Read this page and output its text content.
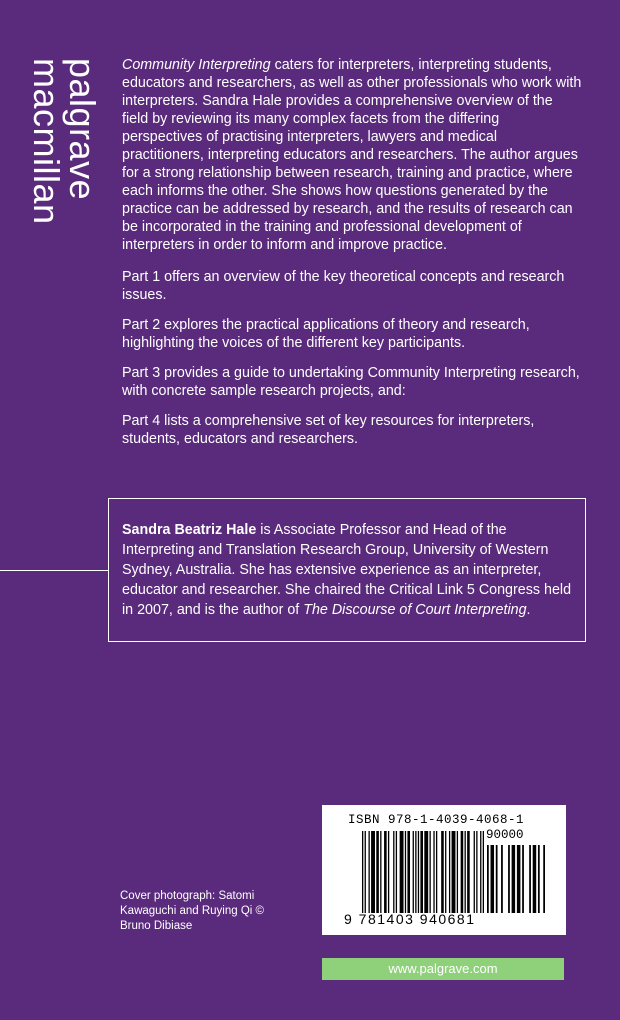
palgrave
macmillan	Community Interpreting caters for interpreters, interpreting students, educators and researchers, as well as other professionals who work with interpreters. Sandra Hale provides a comprehensive overview of the field by reviewing its many complex facets from the differing perspectives of practising interpreters, lawyers and medical practitioners, interpreting educators and researchers. The author argues for a strong relationship between research, training and practice, where each informs the other. She shows how questions generated by the practice can be addressed by research, and the results of research can be incorporated in the training and professional development of interpreters in order to inform and improve practice.

Part 1 offers an overview of the key theoretical concepts and research issues.

Part 2 explores the practical applications of theory and research, highlighting the voices of the different key participants.

Part 3 provides a guide to undertaking Community Interpreting research, with concrete sample research projects, and:

Part 4 lists a comprehensive set of key resources for interpreters, students, educators and researchers.

Sandra Beatriz Hale is Associate Professor and Head of the Interpreting and Translation Research Group, University of Western Sydney, Australia. She has extensive experience as an interpreter, educator and researcher. She chaired the Critical Link 5 Congress held in 2007, and is the author of The Discourse of Court Interpreting.
Cover photograph: Satomi Kawaguchi and Ruying Qi © Bruno Dibiase
ISBN 978-1-4039-4068-1
90000
9 781403 940681
www.palgrave.com
